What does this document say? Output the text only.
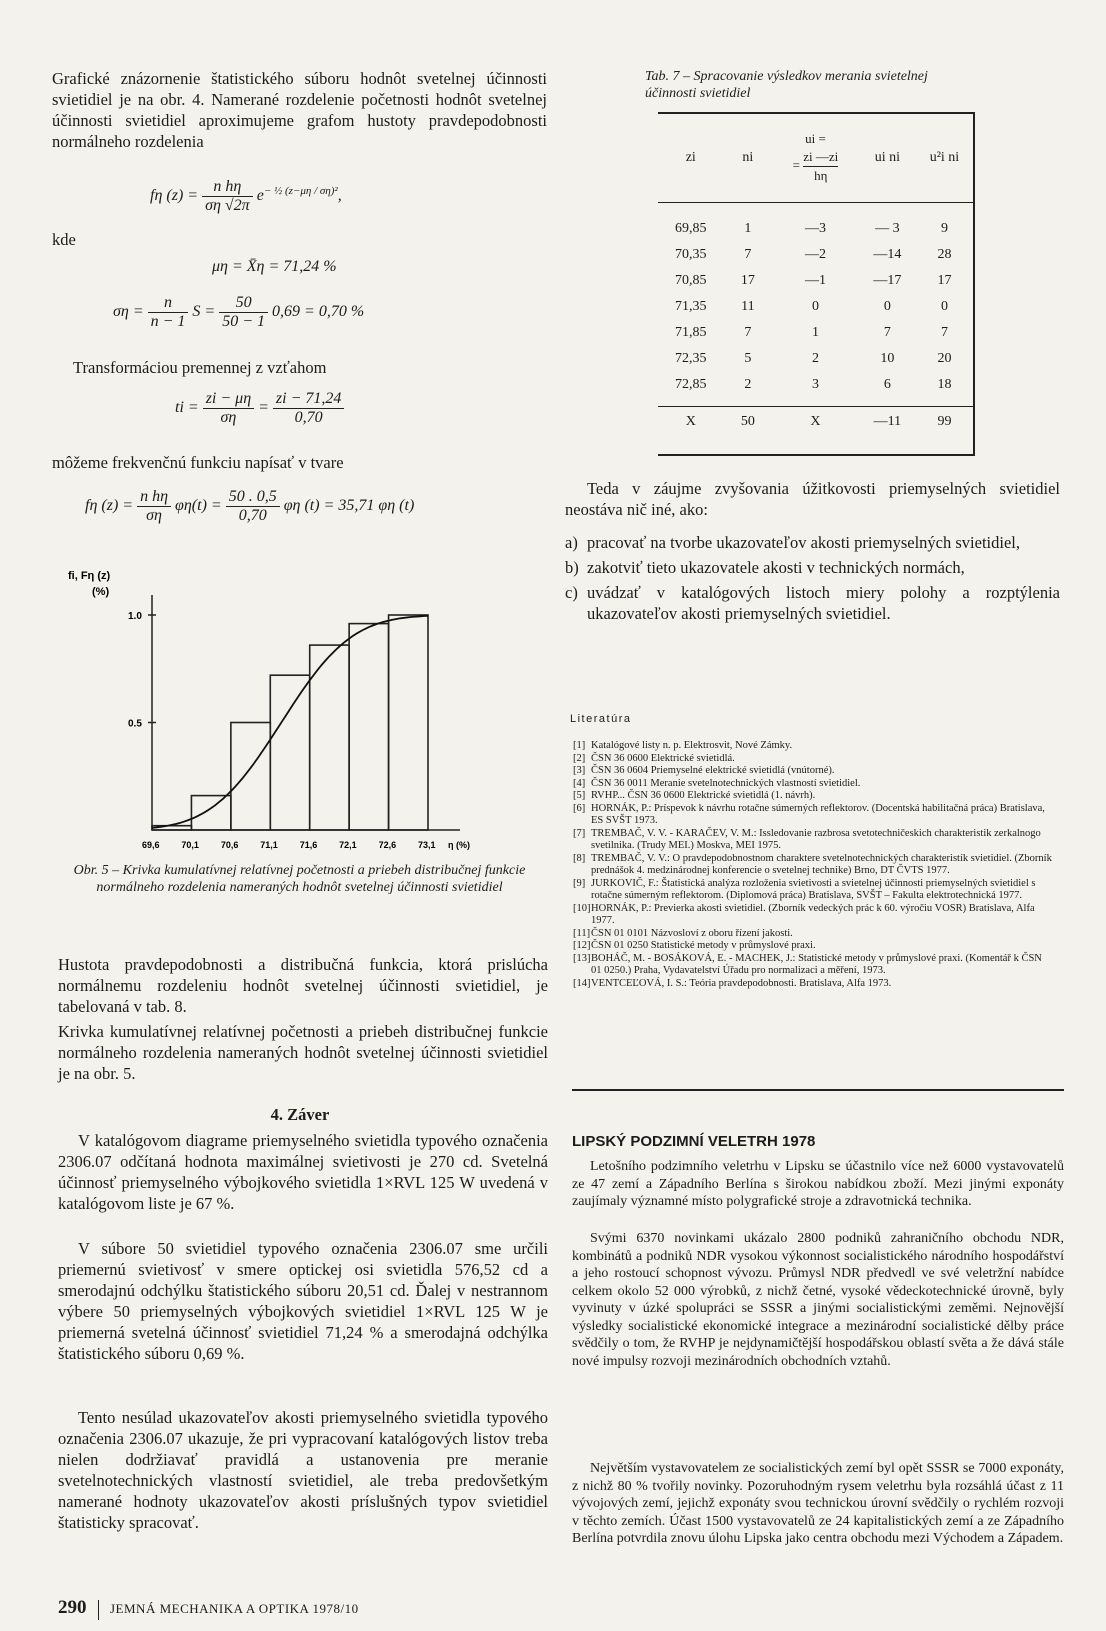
Grafické znázornenie štatistického súboru hodnôt svetelnej účinnosti svietidiel je na obr. 4. Namerané rozdelenie početnosti hodnôt svetelnej účinnosti svietidiel aproximujeme grafom hustoty pravdepodobnosti normálneho rozdelenia
fη $(z) = \frac{\text{n hη}}{\sigma\eta √2\pi} e^{- \frac{1}{2} (z-\mu\eta / \sigma\eta)^2}$,
kde
μη = X̄η = 71,24 %
$\sigma\eta = \frac{n}{n - 1}$ $S = \frac{50}{50 - 1} 0,69 = 0,70$ %
Transformáciou premennej z vzťahom
ti = $\frac{zi - \mu\eta}{\sigma\eta} = \frac{zi - 71,24}{0,70}$
môžeme frekvenčnú funkciu napísať v tvare
fη $(z) = \frac{\text{n hη}}{\sigma\eta} \varphi\eta(t) = \frac{50 . 0,5}{0,70}$ φη (t) = 35,71 φη (t)
fi, Fη (z)
(%)
1.0
0.5
69,6 70,1 70,6 71,1 71,6 72,1 72,6 73,1 η (%)
Obr. 5 – Krivka kumulatívnej relatívnej početnosti a priebeh distribučnej funkcie normálneho rozdelenia nameraných hodnôt svetelnej účinnosti svietidiel
Hustota pravdepodobnosti a distribučná funkcia, ktorá prislúcha normálnemu rozdeleniu hodnôt svetelnej účinnosti svietidiel, je tabelovaná v tab. 8.
Krivka kumulatívnej relatívnej početnosti a priebeh distribučnej funkcie normálneho rozdelenia nameraných hodnôt svetelnej účinnosti svietidiel je na obr. 5.
4. Záver
V katalógovom diagrame priemyselného svietidla typového označenia 2306.07 odčítaná hodnota maximálnej svietivosti je 270 cd. Svetelná účinnosť priemyselného výbojkového svietidla 1×RVL 125 W uvedená v katalógovom liste je 67 %.
V súbore 50 svietidiel typového označenia 2306.07 sme určili priemernú svietivosť v smere optickej osi svietidla 576,52 cd a smerodajnú odchýlku štatistického súboru 20,51 cd. Ďalej v nestrannom výbere 50 priemyselných výbojkových svietidiel 1×RVL 125 W je priemerná svetelná účinnosť svietidiel 71,24 % a smerodajná odchýlka štatistického súboru 0,69 %.
Tento nesúlad ukazovateľov akosti priemyselného svietidla typového označenia 2306.07 ukazuje, že pri vypracovaní katalógových listov treba nielen dodržiavať pravidlá a ustanovenia pre meranie svetelnotechnických vlastností svietidiel, ale treba predovšetkým namerané hodnoty ukazovateľov akosti príslušných typov svietidiel štatisticky spracovať.
290 JEMNÁ MECHANIKA A OPTIKA 1978/10
Tab. 7 – Spracovanie výsledkov merania svietelnej účinnosti svietidiel
zi	ni	ui =
= $\frac{zi —zi}{h\eta}$	ui ni	u²i ni

69,85	1	—3	— 3	9
70,35	7	—2	—14	28
70,85	17	—1	—17	17
71,35	11	0	0	0
71,85	7	1	7	7
72,35	5	2	10	20
72,85	2	3	6	18

X	50	X	—11	99
Teda v záujme zvyšovania úžitkovosti priemyselných svietidiel neostáva nič iné, ako:
a) pracovať na tvorbe ukazovateľov akosti priemyselných svietidiel,
b) zakotviť tieto ukazovatele akosti v technických normách,
c) uvádzať v katalógových listoch miery polohy a rozptýlenia ukazovateľov akosti priemyselných svietidiel.
Literatúra
[1] Katalógové listy n. p. Elektrosvit, Nové Zámky.
[2] ČSN 36 0600 Elektrické svietidlá.
[3] ČSN 36 0604 Priemyselné elektrické svietidlá (vnútorné).
[4] ČSN 36 0011 Meranie svetelnotechnických vlastností svietidiel.
[5] RVHP... ČSN 36 0600 Elektrické svietidlá (1. návrh).
[6] HORNÁK, P.: Príspevok k návrhu rotačne súmerných reflektorov. (Docentská habilitačná práca) Bratislava, ES SVŠT 1973.
[7] TREMBAČ, V. V. - KARAČEV, V. M.: Issledovanie razbrosa svetotechničeskich charakteristik zerkalnogo svetilnika. (Trudy MEI.) Moskva, MEI 1975.
[8] TREMBAČ, V. V.: O pravdepodobnostnom charaktere svetelnotechnických charakteristík svietidiel. (Zborník prednášok 4. medzinárodnej konferencie o svetelnej technike) Brno, DT ČVTS 1977.
[9] JURKOVIČ, F.: Štatistická analýza rozloženia svietivosti a svietelnej účinnosti priemyselných svietidiel s rotačne súmerným reflektorom. (Diplomová práca) Bratislava, SVŠT – Fakulta elektrotechnická 1977.
[10] HORNÁK, P.: Previerka akosti svietidiel. (Zborník vedeckých prác k 60. výročiu VOSR) Bratislava, Alfa 1977.
[11] ČSN 01 0101 Názvosloví z oboru řízení jakosti.
[12] ČSN 01 0250 Statistické metody v průmyslové praxi.
[13] BOHÁČ, M. - BOSÁKOVÁ, E. - MACHEK, J.: Statistické metody v průmyslové praxi. (Komentář k ČSN 01 0250.) Praha, Vydavatelství Úřadu pro normalizaci a měření, 1973.
[14] VENTCEĽOVÁ, I. S.: Teória pravdepodobnosti. Bratislava, Alfa 1973.
LIPSKÝ PODZIMNÍ VELETRH 1978
Letošního podzimního veletrhu v Lipsku se účastnilo více než 6000 vystavovatelů ze 47 zemí a Západního Berlína s širokou nabídkou zboží. Mezi jinými exponáty zaujímaly významné místo polygrafické stroje a zdravotnická technika.
Svými 6370 novinkami ukázalo 2800 podniků zahraničního obchodu NDR, kombinátů a podniků NDR vysokou výkonnost socialistického národního hospodářství a jeho rostoucí schopnost vývozu. Průmysl NDR předvedl ve své veletržní nabídce celkem okolo 52 000 výrobků, z nichž četné, vysoké vědeckotechnické úrovně, byly vyvinuty v úzké spolupráci se SSSR a jinými socialistickými zeměmi. Nejnovější výsledky socialistické ekonomické integrace a mezinárodní socialistické dělby práce svědčily o tom, že RVHP je nejdynamičtější hospodářskou oblastí světa a že dává stále nové impulsy rozvoji mezinárodních obchodních vztahů.
Největším vystavovatelem ze socialistických zemí byl opět SSSR se 7000 exponáty, z nichž 80 % tvořily novinky. Pozoruhodným rysem veletrhu byla rozsáhlá účast z 11 vývojových zemí, jejichž exponáty svou technickou úrovní svědčily o rychlém rozvoji v těchto zemích. Účast 1500 vystavovatelů ze 24 kapitalistických zemí a ze Západního Berlína potvrdila znovu úlohu Lipska jako centra obchodu mezi Východem a Západem.
